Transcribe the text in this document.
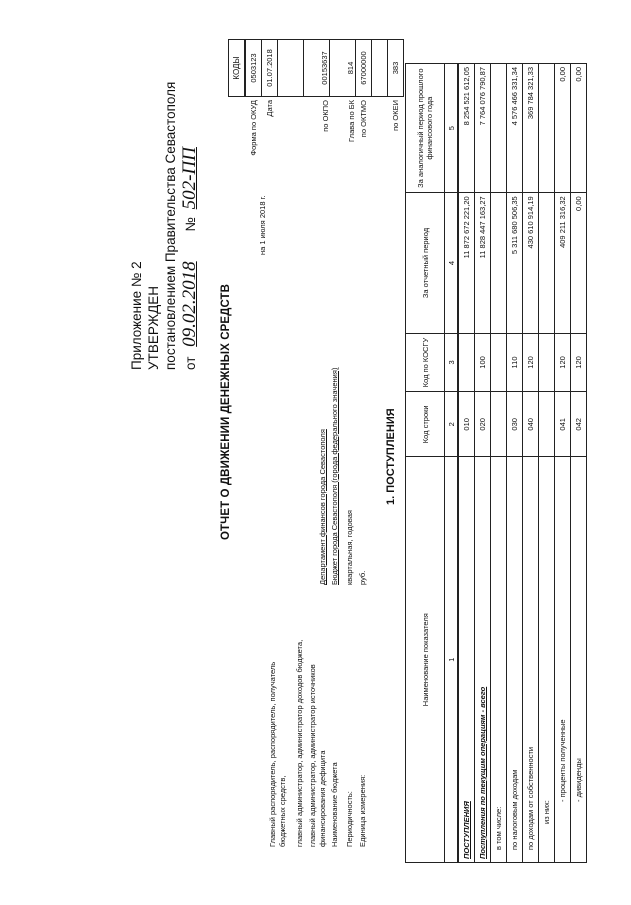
Приложение № 2 УТВЕРЖДЕН постановлением Правительства Севастополя от 09.02.2018 № 502-ПП
	КОДЫ
Форма по ОКУД	0503123
Дата	01.07.2018

по ОКПО	00153637
Глава по БК	814
по ОКТМО	67000000

по ОКЕИ	383
ОТЧЕТ О ДВИЖЕНИИ ДЕНЕЖНЫХ СРЕДСТВ
на 1 июля 2018 г.
Главный распорядитель, распорядитель, получатель бюджетных средств, главный администратор, администратор доходов бюджета, главный администратор, администратор источников финансирования дефицита
Департамент финансов города Севастополя
Наименование бюджета
Бюджет города Севастополя (города федерального значения)
Периодичность:
квартальная, годовая
Единица измерения:
руб.
1. ПОСТУПЛЕНИЯ
Наименование показателя	Код строки	Код по КОСГУ	За отчетный период	За аналогичный период прошлого финансового года
1	2	3	4	5
ПОСТУПЛЕНИЯ	010		11 872 672 221,20	8 254 521 612,05
Поступления по текущим операциям - всего	020	100	11 828 447 163,27	7 764 076 790,87
в том числе:				
по налоговым доходам	030	110	5 311 680 506,35	4 576 466 331,34
по доходам от собственности	040	120	430 610 914,19	369 784 321,33
из них:				
- проценты полученные	041	120	409 211 316,32	0,00
- дивиденды	042	120	0,00	0,00
